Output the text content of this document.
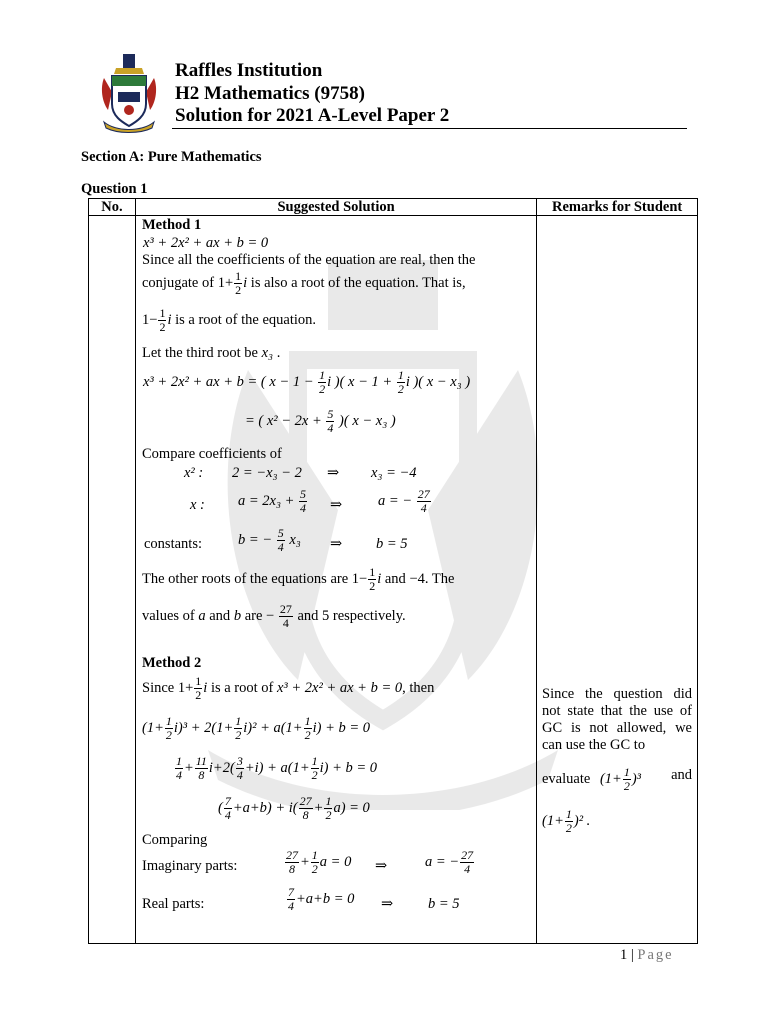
Raffles Institution
H2 Mathematics (9758)
Solution for 2021 A-Level Paper 2
Section A: Pure Mathematics
Question 1
No.	Suggested Solution	Remarks for Student

Method 1
x³ + 2x² + ax + b = 0
Since all the coefficients of the equation are real, then the
conjugate of $1+ \frac{1}{2}$ i is also a root of the equation. That is,
$1- \frac{1}{2}$ i is a root of the equation.
Let the third root be x₃ .
x³ + 2x² + ax + b = ( $x - 1 - \frac{1}{2}$ i )( $x - 1 + \frac{1}{2}$ i )( x − x₃ )
= ( $x^2 - 2x + \frac{5}{4}$ )( x − x₃ )
Compare coefficients of
x² : 2 = −x₃ − 2 ⇒ x₃ = −4
x : $a = 2x_3 + \frac{5}{4}$ ⇒ a = − $\frac{27}{4}$
constants: b = − $\frac{5}{4} x_3$ ⇒ b = 5
The other roots of the equations are $1- \frac{1}{2}$ i and −4. The
values of a and b are − $\frac{27}{4}$ and 5 respectively.
Method 2
Since $1+ \frac{1}{2}$ i is a root of x³ + 2x² + ax + b = 0, then
$(1+ \frac{1}{2} i)^3 + 2(1+ \frac{1}{2} i)^2 + a(1+ \frac{1}{2} i) + b = 0$
$\frac{1}{4} + \frac{11}{8} i+2( \frac{3}{4} +i) + a(1+ \frac{1}{2} i) + b = 0$
( $\frac{7}{4} +a+b) + i( \frac{27}{8} + \frac{1}{2} a) = 0$
Comparing
Imaginary parts:	$\frac{27}{8} + \frac{1}{2}$ a = 0 ⇒	a = − $\frac{27}{4}$
Real parts:	$\frac{7}{4} +a+b = 0$ ⇒ b = 5
Since the question did not state that the use of GC is not allowed, we can use the GC to
evaluate $(1+ \frac{1}{2} )^3$ and
$(1+ \frac{1}{2} )^2$ .
1 | Page
